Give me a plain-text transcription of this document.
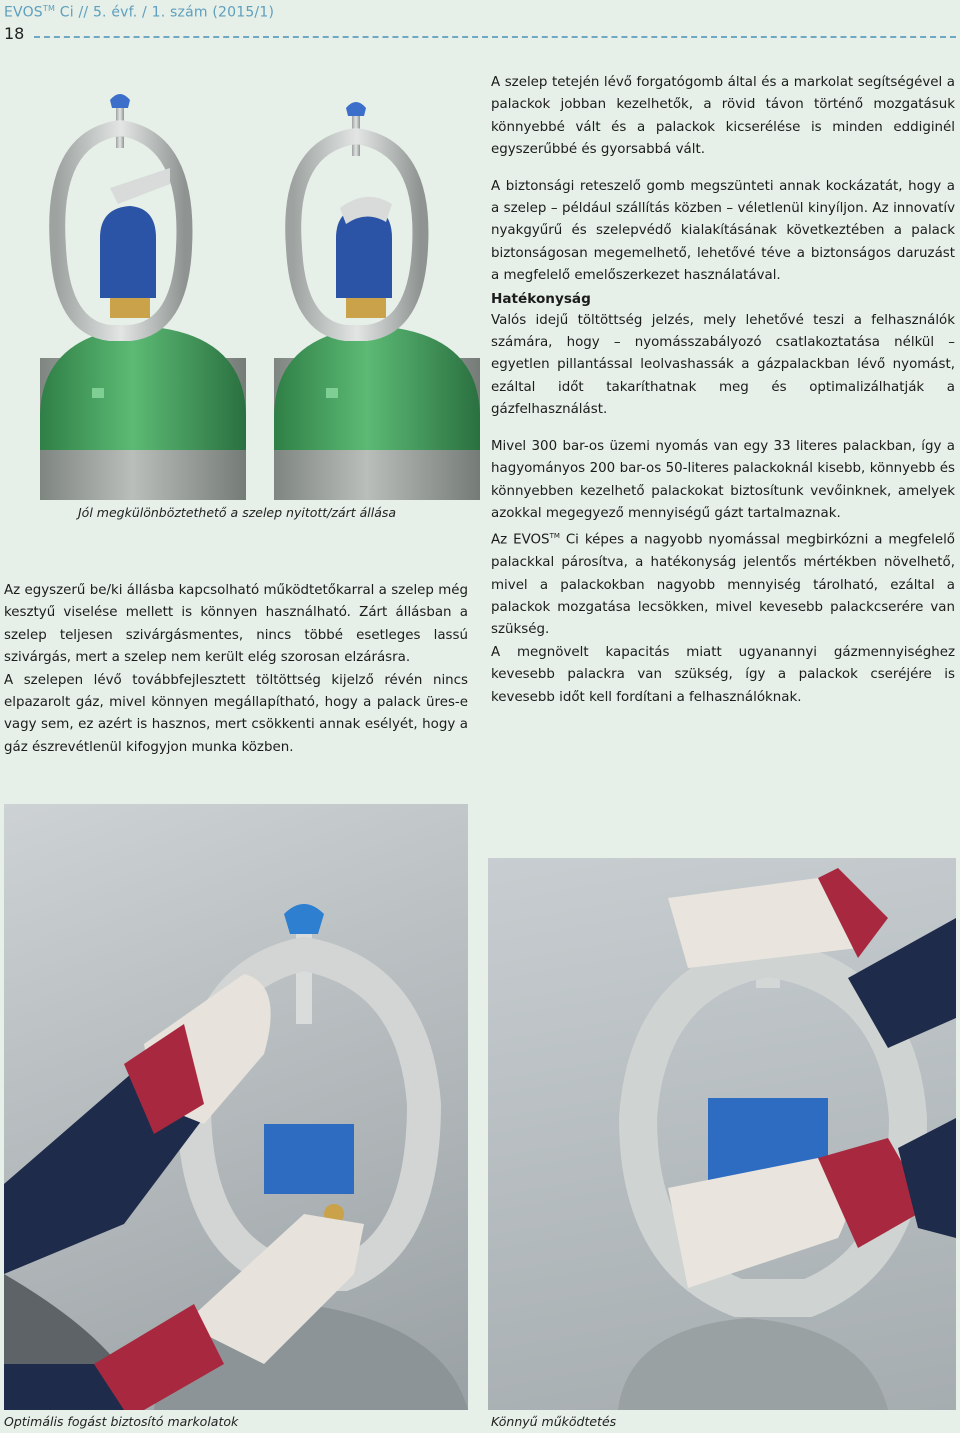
EVOS™ Ci // 5. évf. / 1. szám (2015/1)
18
Jól megkülönböztethető a szelep nyitott/zárt állása

A szelep tetején lévő forgatógomb által és a markolat segítségével a palackok jobban kezelhetők, a rövid távon történő mozgatásuk könnyebbé vált és a palackok kicserélése is minden eddiginél egyszerűbbé és gyorsabbá vált.

A biztonsági reteszelő gomb megszünteti annak kockázatát, hogy a a szelep – például szállítás közben – véletlenül kinyíljon. Az innovatív nyakgyűrű és szelepvédő kialakításának következtében a palack biztonságosan megemelhető, lehetővé téve a biztonságos daruzást a megfelelő emelőszerkezet használatával.

Hatékonyság

Valós idejű töltöttség jelzés, mely lehetővé teszi a felhasználók számára, hogy – nyomásszabályozó csatlakoztatása nélkül – egyetlen pillantással leolvashassák a gázpalackban lévő nyomást, ezáltal időt takaríthatnak meg és optimalizálhatják a gázfelhasználást.

Mivel 300 bar-os üzemi nyomás van egy 33 literes palackban, így a hagyományos 200 bar-os 50-literes palackoknál kisebb, könnyebb és könnyebben kezelhető palackokat biztosítunk vevőinknek, amelyek azokkal megegyező mennyiségű gázt tartalmaznak.

Az EVOS™ Ci képes a nagyobb nyomással megbirkózni a megfelelő palackkal párosítva, a hatékonyság jelentős mértékben növelhető, mivel a palackokban nagyobb mennyiség tárolható, ezáltal a palackok mozgatása lecsökken, mivel kevesebb palackcserére van szükség.

A megnövelt kapacitás miatt ugyanannyi gázmennyiséghez kevesebb palackra van szükség, így a palackok cseréjére is kevesebb időt kell fordítani a felhasználóknak.

Az egyszerű be/ki állásba kapcsolható működtetőkarral a szelep még kesztyű viselése mellett is könnyen használható. Zárt állásban a szelep teljesen szivárgásmentes, nincs többé esetleges lassú szivárgás, mert a szelep nem került elég szorosan elzárásra.

A szelepen lévő továbbfejlesztett töltöttség kijelző révén nincs elpazarolt gáz, mivel könnyen megállapítható, hogy a palack üres-e vagy sem, ez azért is hasznos, mert csökkenti annak esélyét, hogy a gáz észrevétlenül kifogyjon munka közben.

Optimális fogást biztosító markolatok	Könnyű működtetés
